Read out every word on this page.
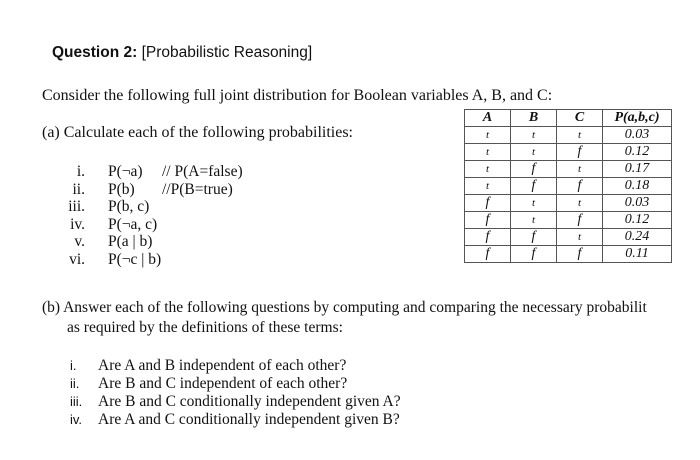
Question 2: [Probabilistic Reasoning]
Consider the following full joint distribution for Boolean variables A, B, and C:
(a) Calculate each of the following probabilities:
i. P(¬a) // P(A=false)
ii. P(b) //P(B=true)
iii. P(b, c)
iv. P(¬a, c)
v. P(a | b)
vi. P(¬c | b)
A	B	C	P(a,b,c)
t	t	t	0.03
t	t	f	0.12
t	f	t	0.17
t	f	f	0.18
f	t	t	0.03
f	t	f	0.12
f	f	t	0.24
f	f	f	0.11
(b) Answer each of the following questions by computing and comparing the necessary probabilit
as required by the definitions of these terms:
i. Are A and B independent of each other?
ii. Are B and C independent of each other?
iii. Are B and C conditionally independent given A?
iv. Are A and C conditionally independent given B?
